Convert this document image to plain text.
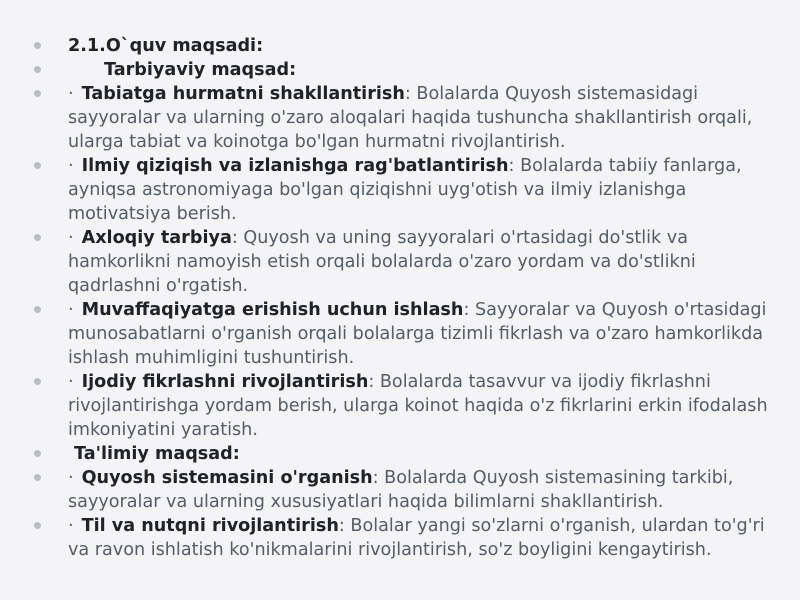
2.1.O`quv maqsadi:
Tarbiyaviy maqsad:
· Tabiatga hurmatni shakllantirish: Bolalarda Quyosh sistemasidagi sayyoralar va ularning o'zaro aloqalari haqida tushuncha shakllantirish orqali, ularga tabiat va koinotga bo'lgan hurmatni rivojlantirish.
· Ilmiy qiziqish va izlanishga rag'batlantirish: Bolalarda tabiiy fanlarga, ayniqsa astronomiyaga bo'lgan qiziqishni uyg'otish va ilmiy izlanishga motivatsiya berish.
· Axloqiy tarbiya: Quyosh va uning sayyoralari o'rtasidagi do'stlik va hamkorlikni namoyish etish orqali bolalarda o'zaro yordam va do'stlikni qadrlashni o'rgatish.
· Muvaffaqiyatga erishish uchun ishlash: Sayyoralar va Quyosh o'rtasidagi munosabatlarni o'rganish orqali bolalarga tizimli fikrlash va o'zaro hamkorlikda ishlash muhimligini tushuntirish.
· Ijodiy fikrlashni rivojlantirish: Bolalarda tasavvur va ijodiy fikrlashni rivojlantirishga yordam berish, ularga koinot haqida o'z fikrlarini erkin ifodalash imkoniyatini yaratish.
Ta'limiy maqsad:
· Quyosh sistemasini o'rganish: Bolalarda Quyosh sistemasining tarkibi, sayyoralar va ularning xususiyatlari haqida bilimlarni shakllantirish.
· Til va nutqni rivojlantirish: Bolalar yangi so'zlarni o'rganish, ulardan to'g'ri va ravon ishlatish ko'nikmalarini rivojlantirish, so'z boyligini kengaytirish.
